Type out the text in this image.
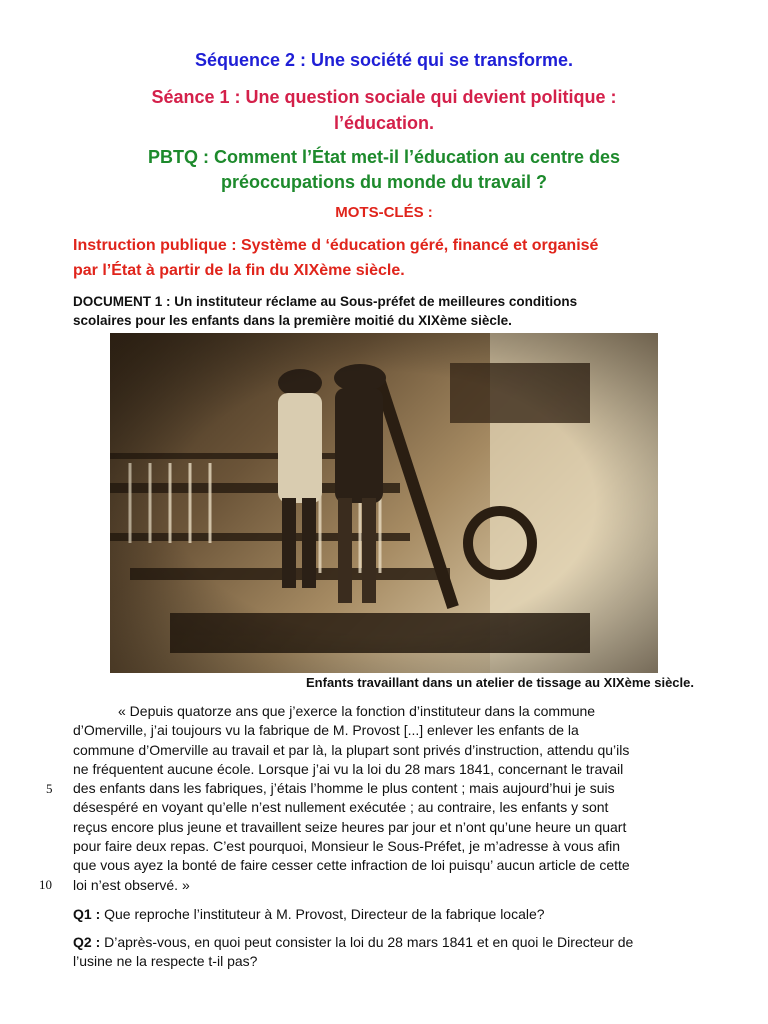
Séquence 2 : Une société qui se transforme.
Séance 1 : Une question sociale qui devient politique :
l’éducation.
PBTQ : Comment l’État met-il l’éducation au centre des
préoccupations du monde du travail ?
MOTS-CLÉS :
Instruction publique : Système d ‘éducation géré, financé et organisé
par l’État à partir de la fin du XIXème siècle.
DOCUMENT 1 : Un instituteur réclame au Sous-préfet de meilleures conditions
scolaires pour les enfants dans la première moitié du XIXème siècle.
Enfants travaillant dans un atelier de tissage au XIXème siècle.

« Depuis quatorze ans que j’exerce la fonction d’instituteur dans la commune

d’Omerville, j’ai toujours vu la fabrique de M. Provost [...] enlever les enfants de la

commune d’Omerville au travail et par là, la plupart sont privés d’instruction, attendu qu’ils

ne fréquentent aucune école. Lorsque j’ai vu la loi du 28 mars 1841, concernant le travail

des enfants dans les fabriques, j’étais l’homme le plus content ; mais aujourd’hui je suis

désespéré en voyant qu’elle n’est nullement exécutée ; au contraire, les enfants y sont

reçus encore plus jeune et travaillent seize heures par jour et n’ont qu’une heure un quart

pour faire deux repas. C’est pourquoi, Monsieur le Sous-Préfet, je m’adresse à vous afin

que vous ayez la bonté de faire cesser cette infraction de loi puisqu’ aucun article de cette

loi n’est observé. »

5
10
Q1 : Que reproche l’instituteur à M. Provost, Directeur de la fabrique locale?
Q2 : D’après-vous, en quoi peut consister la loi du 28 mars 1841 et en quoi le Directeur de
l’usine ne la respecte t-il pas?
